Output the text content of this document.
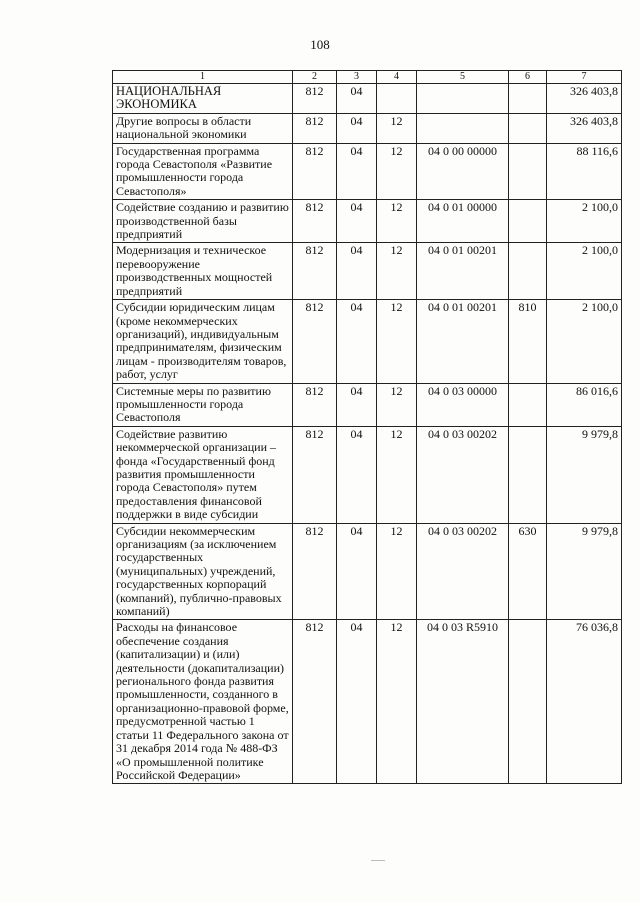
108
1	2	3	4	5	6	7
НАЦИОНАЛЬНАЯ ЭКОНОМИКА	812	04				326 403,8
Другие вопросы в области национальной экономики	812	04	12			326 403,8
Государственная программа города Севастополя «Развитие промышленности города Севастополя»	812	04	12	04 0 00 00000		88 116,6
Содействие созданию и развитию производственной базы предприятий	812	04	12	04 0 01 00000		2 100,0
Модернизация и техническое перевооружение производственных мощностей предприятий	812	04	12	04 0 01 00201		2 100,0
Субсидии юридическим лицам (кроме некоммерческих организаций), индивидуальным предпринимателям, физическим лицам - производителям товаров, работ, услуг	812	04	12	04 0 01 00201	810	2 100,0
Системные меры по развитию промышленности города Севастополя	812	04	12	04 0 03 00000		86 016,6
Содействие развитию некоммерческой организации – фонда «Государственный фонд развития промышленности города Севастополя» путем предоставления финансовой поддержки в виде субсидии	812	04	12	04 0 03 00202		9 979,8
Субсидии некоммерческим организациям (за исключением государственных (муниципальных) учреждений, государственных корпораций (компаний), публично-правовых компаний)	812	04	12	04 0 03 00202	630	9 979,8
Расходы на финансовое обеспечение создания (капитализации) и (или) деятельности (докапитализации) регионального фонда развития промышленности, созданного в организационно-правовой форме, предусмотренной частью 1 статьи 11 Федерального закона от 31 декабря 2014 года № 488-ФЗ «О промышленной политике Российской Федерации»	812	04	12	04 0 03 R5910		76 036,8
